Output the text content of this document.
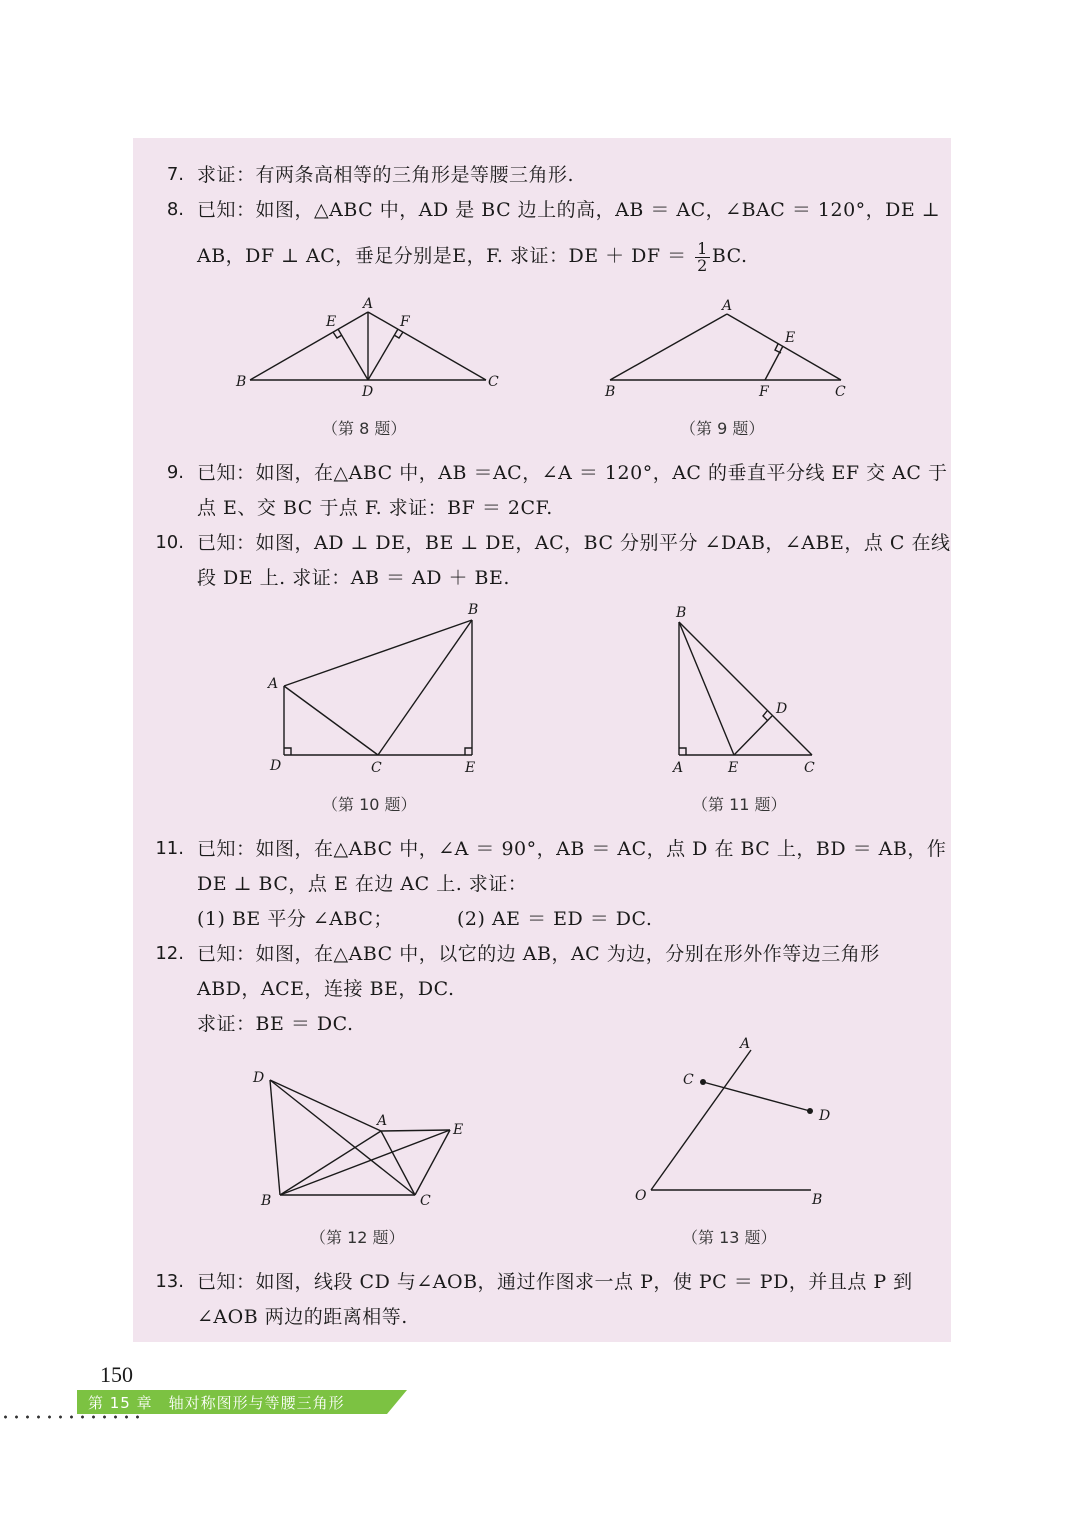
7. 求证：有两条高相等的三角形是等腰三角形.
8. 已知：如图，△ABC 中，AD 是 BC 边上的高，AB ＝ AC，∠BAC ＝ 120°，DE ⊥
AB，DF ⊥ AC，垂足分别是E，F. 求证：DE ＋ DF ＝ $\frac{1}{2}$ BC.
A
B	C
D
E	F
（第 8 题）
A
B	C
E
F
（第 9 题）
9. 已知：如图，在△ABC 中，AB ＝AC，∠A ＝ 120°，AC 的垂直平分线 EF 交 AC 于
点 E、交 BC 于点 F. 求证：BF ＝ 2CF.
10. 已知：如图，AD ⊥ DE，BE ⊥ DE，AC，BC 分别平分 ∠DAB，∠ABE，点 C 在线
段 DE 上. 求证：AB ＝ AD ＋ BE.
A
B
C
D	E
（第 10 题）
B
A	C
D
E
（第 11 题）
11. 已知：如图，在△ABC 中，∠A ＝ 90°，AB ＝ AC，点 D 在 BC 上，BD ＝ AB，作
DE ⊥ BC，点 E 在边 AC 上. 求证：
(1) BE 平分 ∠ABC；	(2) AE ＝ ED ＝ DC.
12. 已知：如图，在△ABC 中，以它的边 AB，AC 为边，分别在形外作等边三角形
ABD，ACE，连接 BE，DC.
求证：BE ＝ DC.
A
B	C
D
E
（第 12 题）
A
B
C
D
O
（第 13 题）
13. 已知：如图，线段 CD 与∠AOB，通过作图求一点 P，使 PC ＝ PD，并且点 P 到
∠AOB 两边的距离相等.
150
第 15 章　轴对称图形与等腰三角形
